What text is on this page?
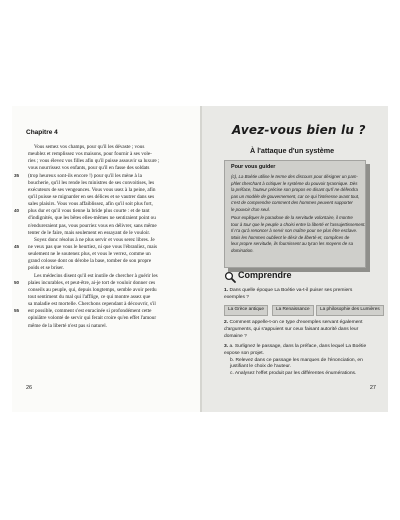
Chapitre 4
Vous semez vos champs, pour qu'il les dévaste ; vous
meublez et remplissez vos maisons, pour fournir à ses vole-
ries ; vous élevez vos filles afin qu'il puisse assouvir sa luxure ;
vous nourrissez vos enfants, pour qu'il en fasse des soldats
35 (trop heureux sont-ils encore !) pour qu'il les mène à la
boucherie, qu'il les rende les ministres de ses convoitises, les
exécuteurs de ses vengeances. Vous vous usez à la peine, afin
qu'il puisse se mignarder en ses délices et se vautrer dans ses
sales plaisirs. Vous vous affaiblissez, afin qu'il soit plus fort,
40 plus dur et qu'il vous tienne la bride plus courte : et de tant
d'indignités, que les bêtes elles-mêmes ne sentiraient point ou
n'endureraient pas, vous pourriez vous en délivrer, sans même
tenter de le faire, mais seulement en essayant de le vouloir.
Soyez donc résolus à ne plus servir et vous serez libres. Je
45 ne veux pas que vous le heurtiez, ni que vous l'ébranliez, mais
seulement ne le soutenez plus, et vous le verrez, comme un
grand colosse dont on dérobe la base, tomber de son propre
poids et se briser.
Les médecins disent qu'il est inutile de chercher à guérir les
50 plaies incurables, et peut-être, ai-je tort de vouloir donner ces
conseils au peuple, qui, depuis longtemps, semble avoir perdu
tout sentiment du mal qui l'afflige, ce qui montre assez que
sa maladie est mortelle. Cherchons cependant à découvrir, s'il
55 est possible, comment s'est enracinée si profondément cette
opiniâtre volonté de servir qui ferait croire qu'en effet l'amour
même de la liberté n'est pas si naturel.
26
Avez-vous bien lu ?
À l'attaque d'un système
Pour vous guider
(c), La Boétie utilise le terme des discours pour désigner un pam-
phlet cherchant à critiquer le système du pouvoir tyrannique. Dès
la préface, l'auteur précise son propos en disant qu'il ne défendra
pas un modèle de gouvernement, car ce qui l'intéresse avant tout,
c'est de comprendre comment des hommes peuvent supporter
le pouvoir d'un seul.
Pour expliquer le paradoxe de la servitude volontaire, il montre
tour à tour que le peuple a choisi entre la liberté et l'assujettissement.
Il n'a qu'à renoncer à servir son maître pour ne plus être esclave.
Mais les hommes oublient le désir de liberté et, complices de
leur propre servitude, ils fournissent au tyran les moyens de sa
domination.
Comprendre
1. Dans quelle époque La Boétie va-t-il puiser ses premiers
exemples ?
La Grèce antique	La Renaissance	La philosophie des Lumières
2. Comment appelle-t-on ce type d'exemples servant également
d'arguments, qui s'appuient sur ceux faisant autorité dans leur
domaine ?
3. a. Surlignez le passage, dans la préface, dans lequel La Boétie
expose son projet.
b. Relevez dans ce passage les marques de l'énonciation, en
justifiant le choix de l'auteur.
c. Analysez l'effet produit par les différentes énumérations.
27
